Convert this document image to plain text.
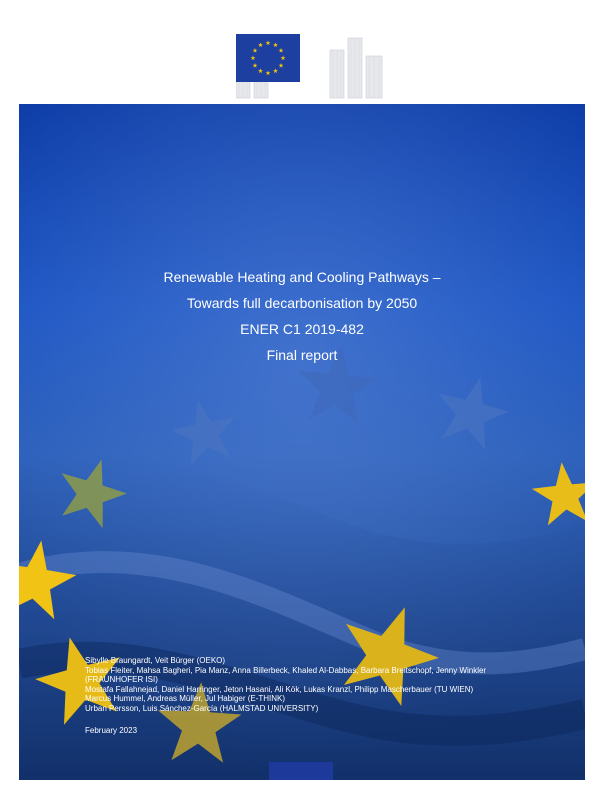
Renewable Heating and Cooling Pathways –
Towards full decarbonisation by 2050
ENER C1 2019-482
Final report
Sibylle Braungardt, Veit Bürger (OEKO)
Tobias Fleiter, Mahsa Bagheri, Pia Manz, Anna Billerbeck, Khaled Al-Dabbas, Barbara Breitschopf, Jenny Winkler (FRAUNHOFER ISI)
Mostafa Fallahnejad, Daniel Harringer, Jeton Hasani, Ali Kök, Lukas Kranzl, Philipp Mascherbauer (TU WIEN)
Marcus Hummel, Andreas Müller, Jul Habiger (E-THINK)
Urban Persson, Luis Sánchez-García (HALMSTAD UNIVERSITY)
February 2023
